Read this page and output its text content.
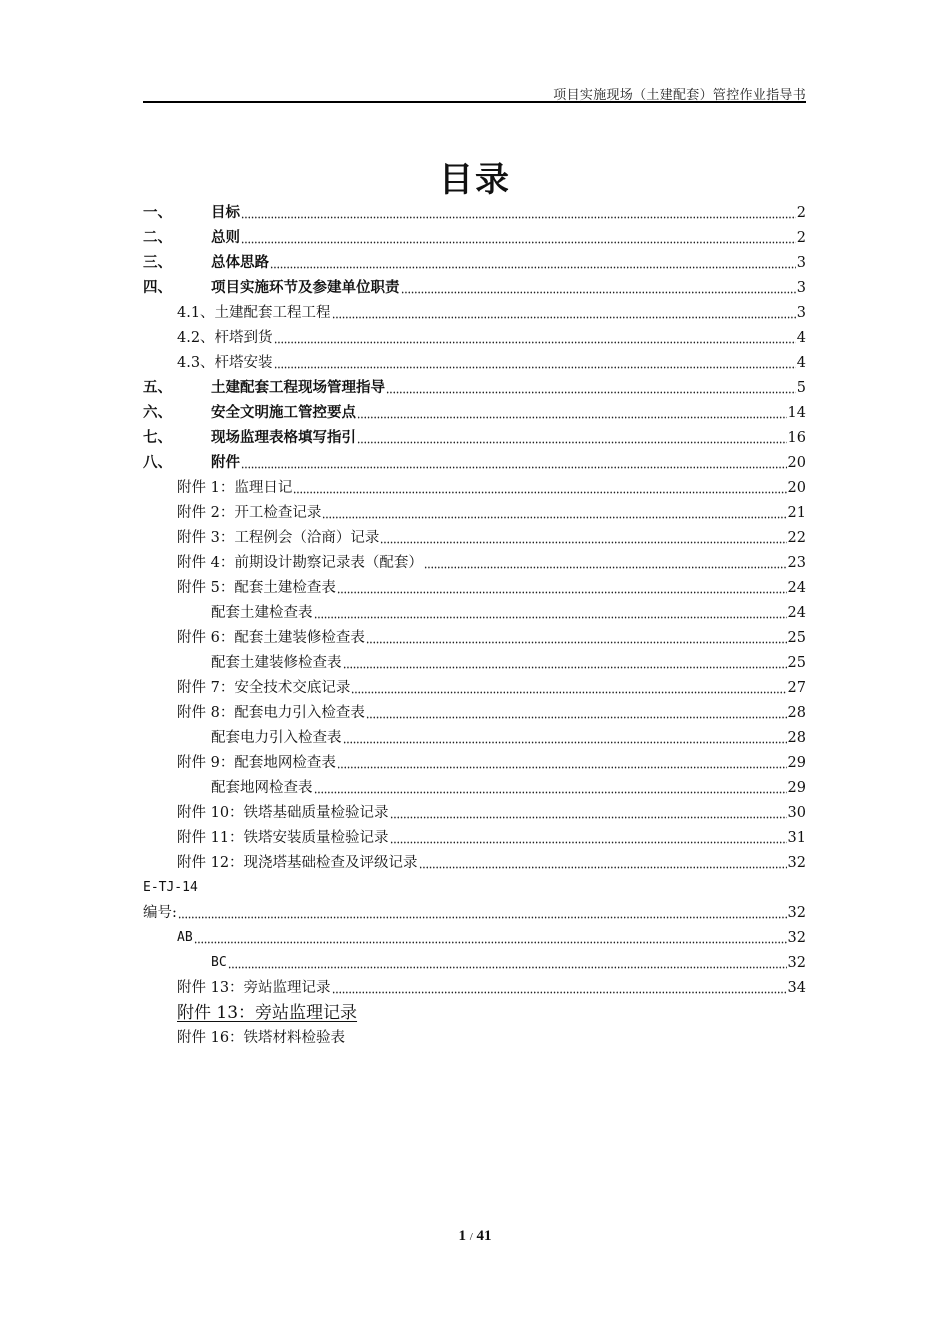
项目实施现场（土建配套）管控作业指导书
目录
一、	目标	2
二、	总则	2
三、	总体思路	3
四、	项目实施环节及参建单位职责	3
4.1、土建配套工程工程	3
4.2、杆塔到货	4
4.3、杆塔安装	4
五、	土建配套工程现场管理指导	5
六、	安全文明施工管控要点	14
七、	现场监理表格填写指引	16
八、	附件	20
附件 1：监理日记	20
附件 2：开工检查记录	21
附件 3：工程例会（洽商）记录	22
附件 4：前期设计勘察记录表（配套）	23
附件 5：配套土建检查表	24
配套土建检查表	24
附件 6：配套土建装修检查表	25
配套土建装修检查表	25
附件 7：安全技术交底记录	27
附件 8：配套电力引入检查表	28
配套电力引入检查表	28
附件 9：配套地网检查表	29
配套地网检查表	29
附件 10：铁塔基础质量检验记录	30
附件 11：铁塔安装质量检验记录	31
附件 12：现浇塔基础检查及评级记录	32
E-TJ-14
编号:	32
AB	32
BC	32
附件 13：旁站监理记录	34
附件 13：旁站监理记录
附件 16：铁塔材料检验表
1 / 41
